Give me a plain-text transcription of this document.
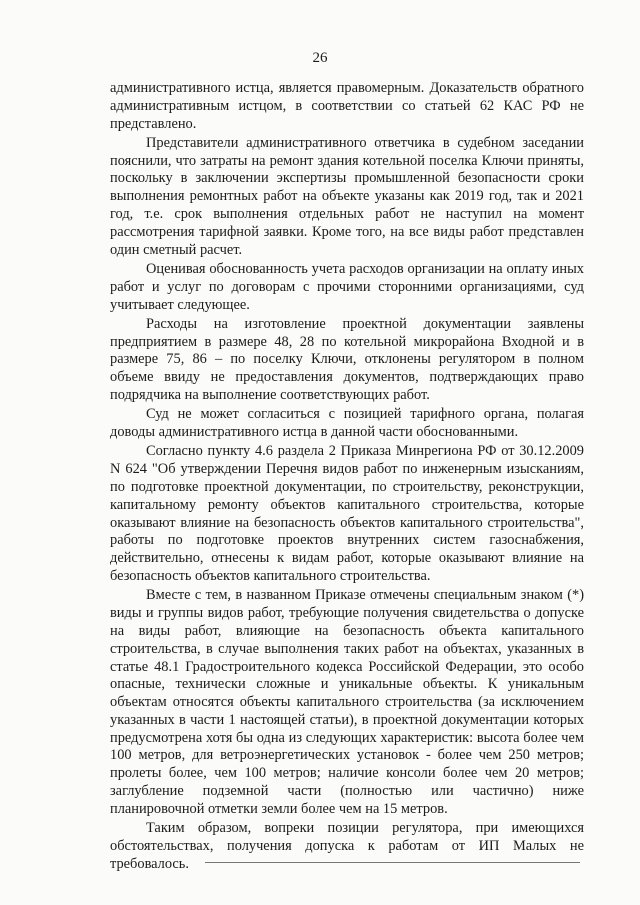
26

административного истца, является правомерным. Доказательств обратного административным истцом, в соответствии со статьей 62 КАС РФ не представлено.

Представители административного ответчика в судебном заседании пояснили, что затраты на ремонт здания котельной поселка Ключи приняты, поскольку в заключении экспертизы промышленной безопасности сроки выполнения ремонтных работ на объекте указаны как 2019 год, так и 2021 год, т.е. срок выполнения отдельных работ не наступил на момент рассмотрения тарифной заявки. Кроме того, на все виды работ представлен один сметный расчет.

Оценивая обоснованность учета расходов организации на оплату иных работ и услуг по договорам с прочими сторонними организациями, суд учитывает следующее.

Расходы на изготовление проектной документации заявлены предприятием в размере 48, 28 по котельной микрорайона Входной и в размере 75, 86 – по поселку Ключи, отклонены регулятором в полном объеме ввиду не предоставления документов, подтверждающих право подрядчика на выполнение соответствующих работ.

Суд не может согласиться с позицией тарифного органа, полагая доводы административного истца в данной части обоснованными.

Согласно пункту 4.6 раздела 2 Приказа Минрегиона РФ от 30.12.2009 N 624 "Об утверждении Перечня видов работ по инженерным изысканиям, по подготовке проектной документации, по строительству, реконструкции, капитальному ремонту объектов капитального строительства, которые оказывают влияние на безопасность объектов капитального строительства", работы по подготовке проектов внутренних систем газоснабжения, действительно, отнесены к видам работ, которые оказывают влияние на безопасность объектов капитального строительства.

Вместе с тем, в названном Приказе отмечены специальным знаком (*) виды и группы видов работ, требующие получения свидетельства о допуске на виды работ, влияющие на безопасность объекта капитального строительства, в случае выполнения таких работ на объектах, указанных в статье 48.1 Градостроительного кодекса Российской Федерации, это особо опасные, технически сложные и уникальные объекты. К уникальным объектам относятся объекты капитального строительства (за исключением указанных в части 1 настоящей статьи), в проектной документации которых предусмотрена хотя бы одна из следующих характеристик: высота более чем 100 метров, для ветроэнергетических установок - более чем 250 метров; пролеты более, чем 100 метров; наличие консоли более чем 20 метров; заглубление подземной части (полностью или частично) ниже планировочной отметки земли более чем на 15 метров.

Таким образом, вопреки позиции регулятора, при имеющихся обстоятельствах, получения допуска к работам от ИП Малых не требовалось.
